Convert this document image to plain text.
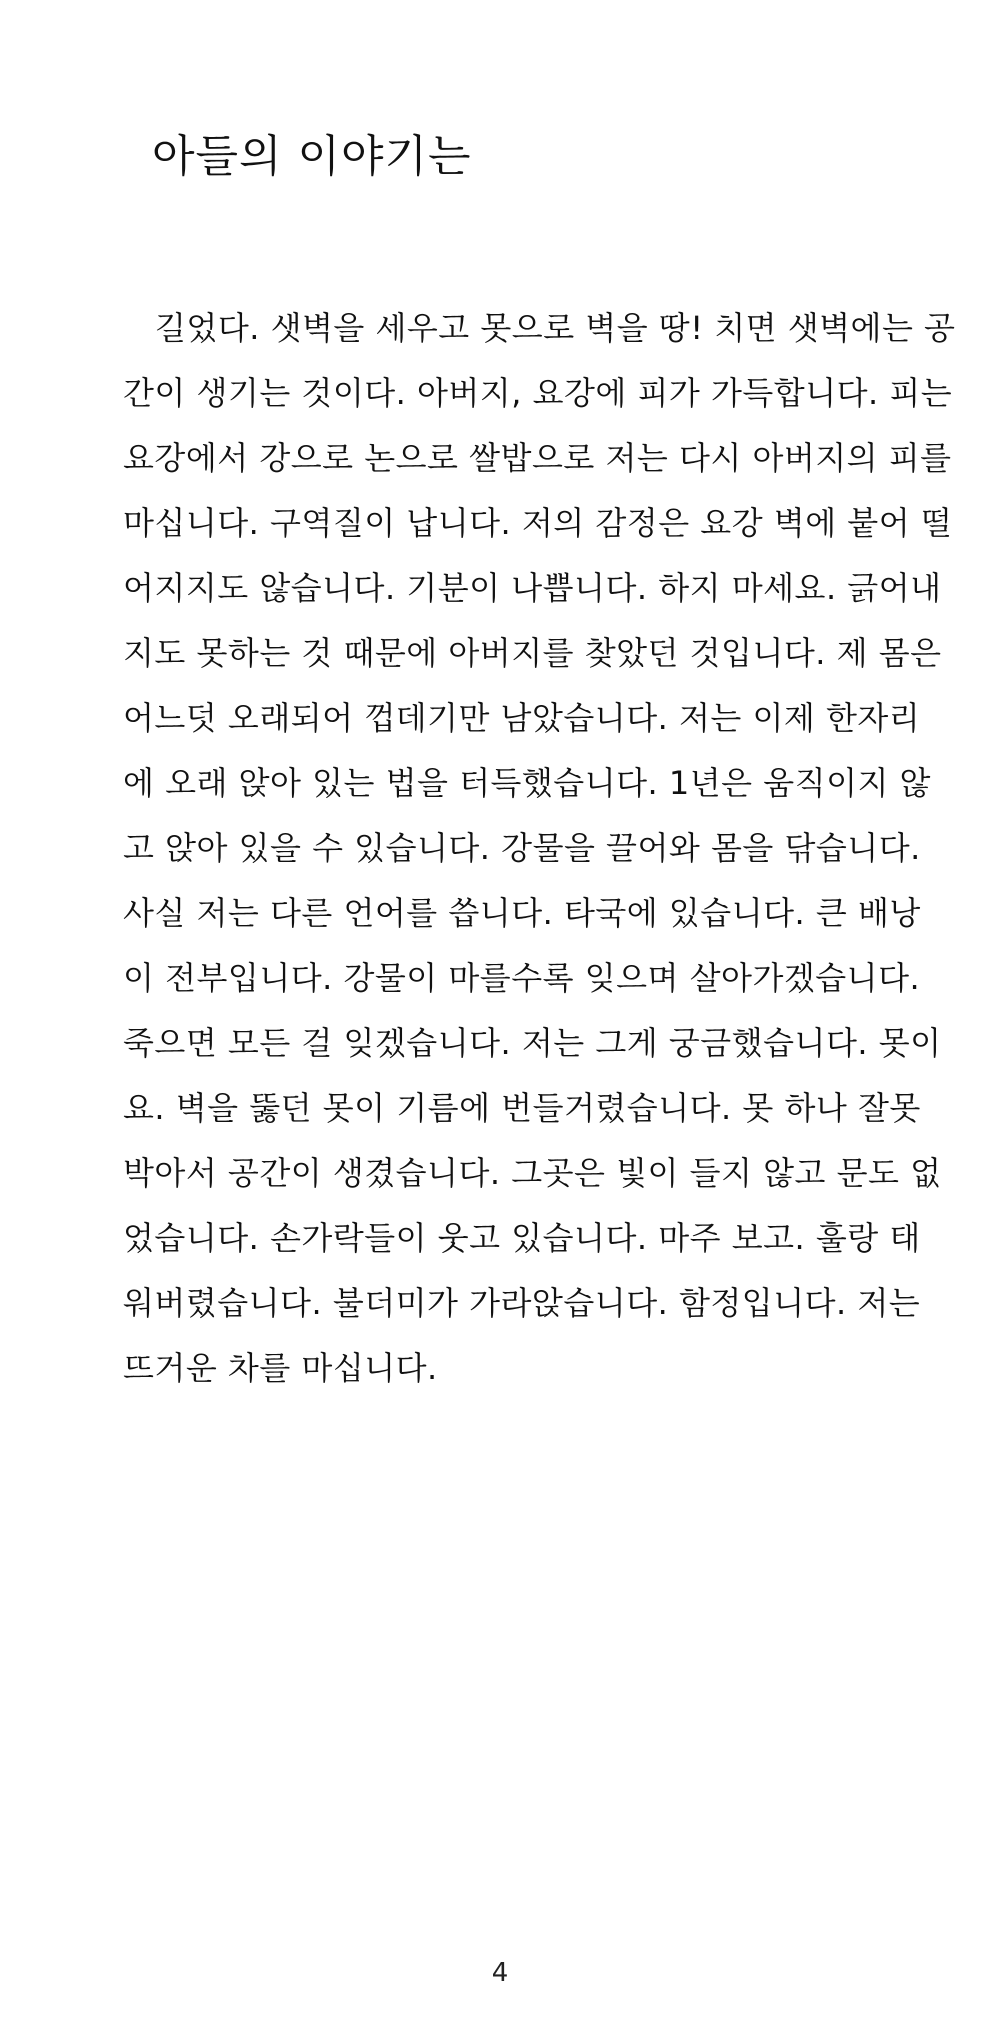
아들의 이야기는
길었다. 샛벽을 세우고 못으로 벽을 땅! 치면 샛벽에는 공
간이 생기는 것이다. 아버지, 요강에 피가 가득합니다. 피는
요강에서 강으로 논으로 쌀밥으로 저는 다시 아버지의 피를
마십니다. 구역질이 납니다. 저의 감정은 요강 벽에 붙어 떨
어지지도 않습니다. 기분이 나쁩니다. 하지 마세요. 긁어내
지도 못하는 것 때문에 아버지를 찾았던 것입니다. 제 몸은
어느덧 오래되어 껍데기만 남았습니다. 저는 이제 한자리
에 오래 앉아 있는 법을 터득했습니다. 1년은 움직이지 않
고 앉아 있을 수 있습니다. 강물을 끌어와 몸을 닦습니다.
사실 저는 다른 언어를 씁니다. 타국에 있습니다. 큰 배낭
이 전부입니다. 강물이 마를수록 잊으며 살아가겠습니다.
죽으면 모든 걸 잊겠습니다. 저는 그게 궁금했습니다. 못이
요. 벽을 뚫던 못이 기름에 번들거렸습니다. 못 하나 잘못
박아서 공간이 생겼습니다. 그곳은 빛이 들지 않고 문도 없
었습니다. 손가락들이 웃고 있습니다. 마주 보고. 훌랑 태
워버렸습니다. 불더미가 가라앉습니다. 함정입니다. 저는
뜨거운 차를 마십니다.
4
